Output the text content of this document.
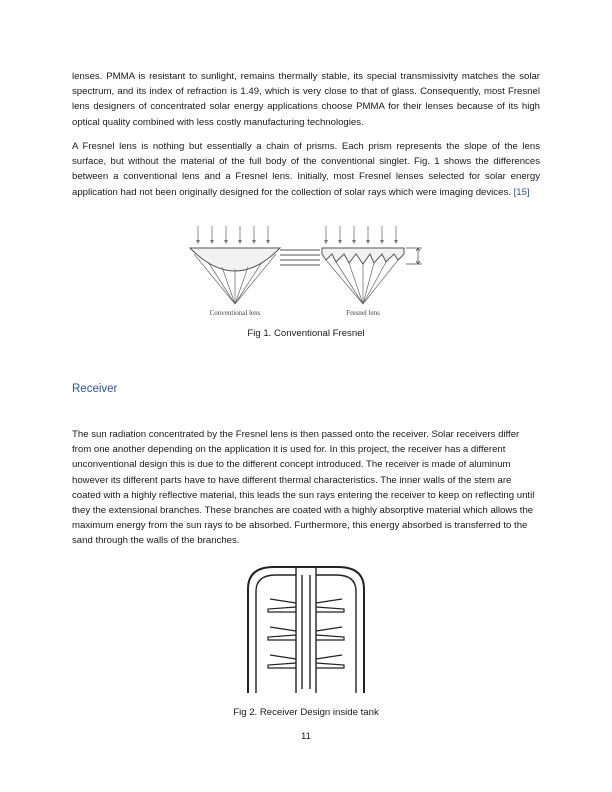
lenses. PMMA is resistant to sunlight, remains thermally stable, its special transmissivity matches the solar spectrum, and its index of refraction is 1.49, which is very close to that of glass. Consequently, most Fresnel lens designers of concentrated solar energy applications choose PMMA for their lenses because of its high optical quality combined with less costly manufacturing technologies.
A Fresnel lens is nothing but essentially a chain of prisms. Each prism represents the slope of the lens surface, but without the material of the full body of the conventional singlet. Fig. 1 shows the differences between a conventional lens and a Fresnel lens. Initially, most Fresnel lenses selected for solar energy application had not been originally designed for the collection of solar rays which were imaging devices. [15]
Conventional lens	Fresnel lens
Fig 1. Conventional Fresnel
Receiver
The sun radiation concentrated by the Fresnel lens is then passed onto the receiver. Solar receivers differ from one another depending on the application it is used for. In this project, the receiver has a different unconventional design this is due to the different concept introduced. The receiver is made of aluminum however its different parts have to have different thermal characteristics. The inner walls of the stem are coated with a highly reflective material, this leads the sun rays entering the receiver to keep on reflecting until they the extensional branches. These branches are coated with a highly absorptive material which allows the maximum energy from the sun rays to be absorbed. Furthermore, this energy absorbed is transferred to the sand through the walls of the branches.
Fig 2. Receiver Design inside tank
11
